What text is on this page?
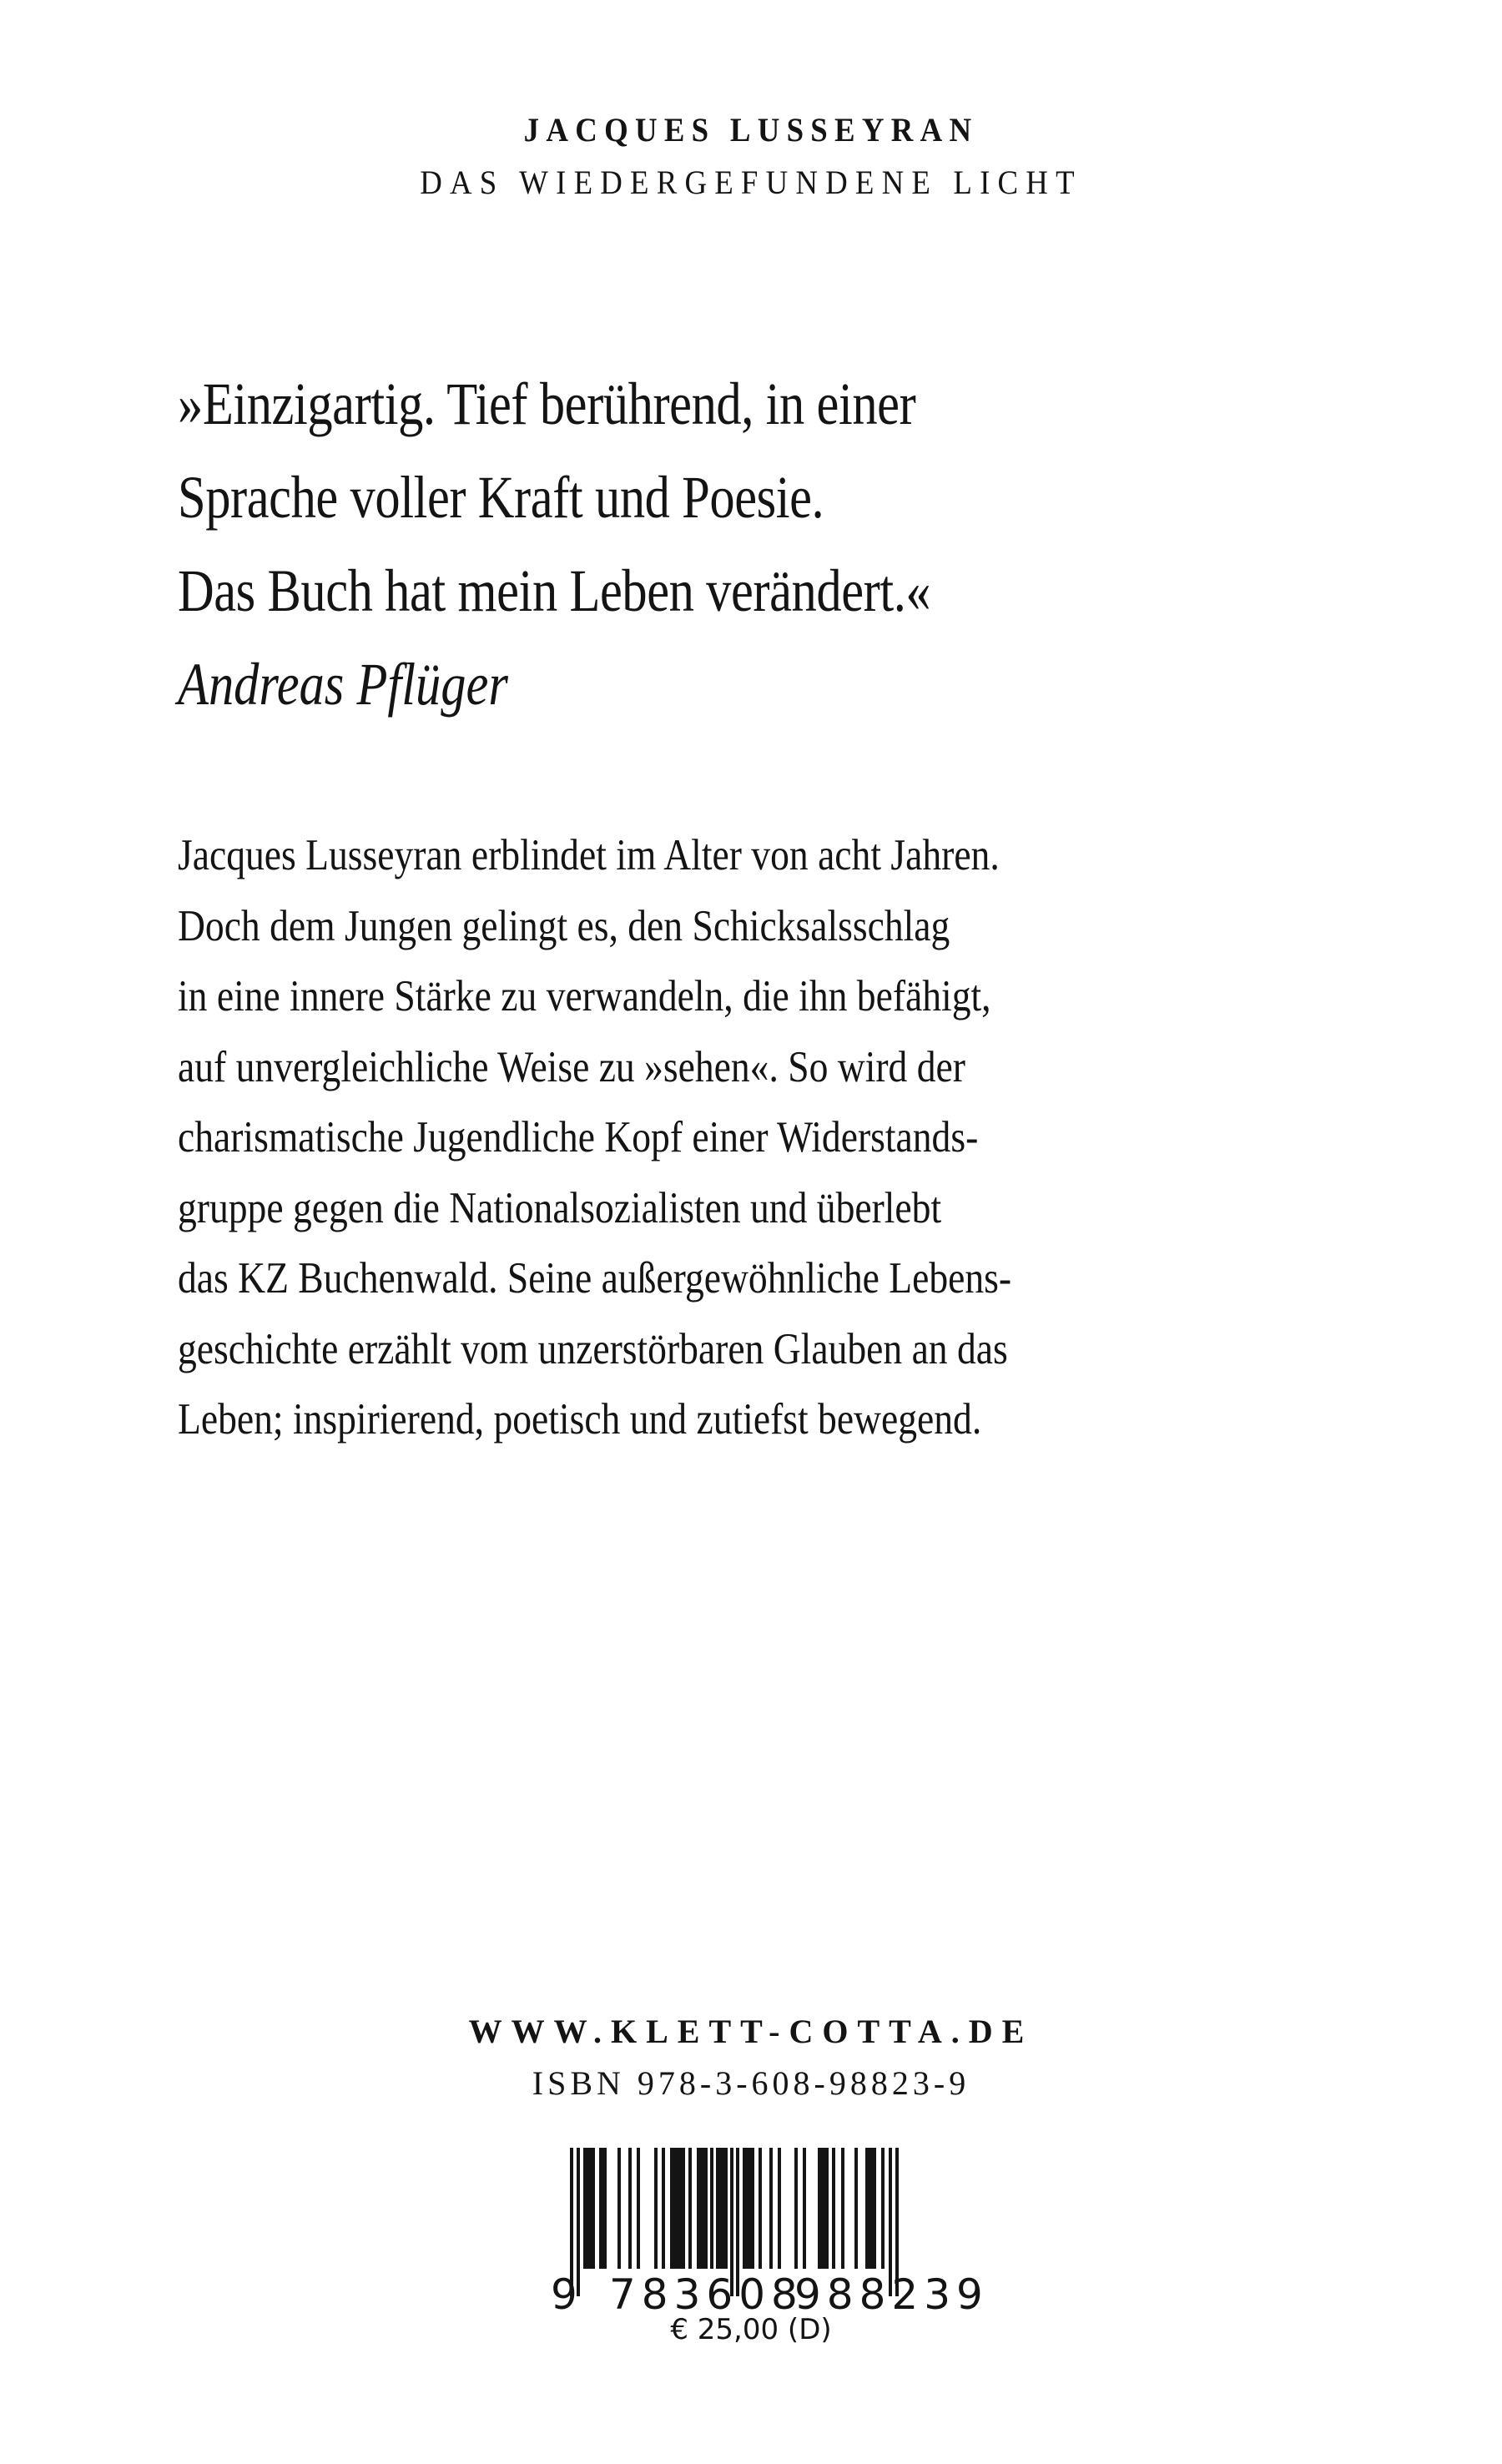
JACQUES LUSSEYRAN
DAS WIEDERGEFUNDENE LICHT
»Einzigartig. Tief berührend, in einer
Sprache voller Kraft und Poesie.
Das Buch hat mein Leben verändert.«
Andreas Pflüger
Jacques Lusseyran erblindet im Alter von acht Jahren.
Doch dem Jungen gelingt es, den Schicksalsschlag
in eine innere Stärke zu verwandeln, die ihn befähigt,
auf unvergleichliche Weise zu »sehen«. So wird der
charismatische Jugendliche Kopf einer Widerstands-
gruppe gegen die Nationalsozialisten und überlebt
das KZ Buchenwald. Seine außergewöhnliche Lebens-
geschichte erzählt vom unzerstörbaren Glauben an das
Leben; inspirierend, poetisch und zutiefst bewegend.
WWW.KLETT-COTTA.DE
ISBN 978-3-608-98823-9
9 783608
988239
€ 25,00 (D)
